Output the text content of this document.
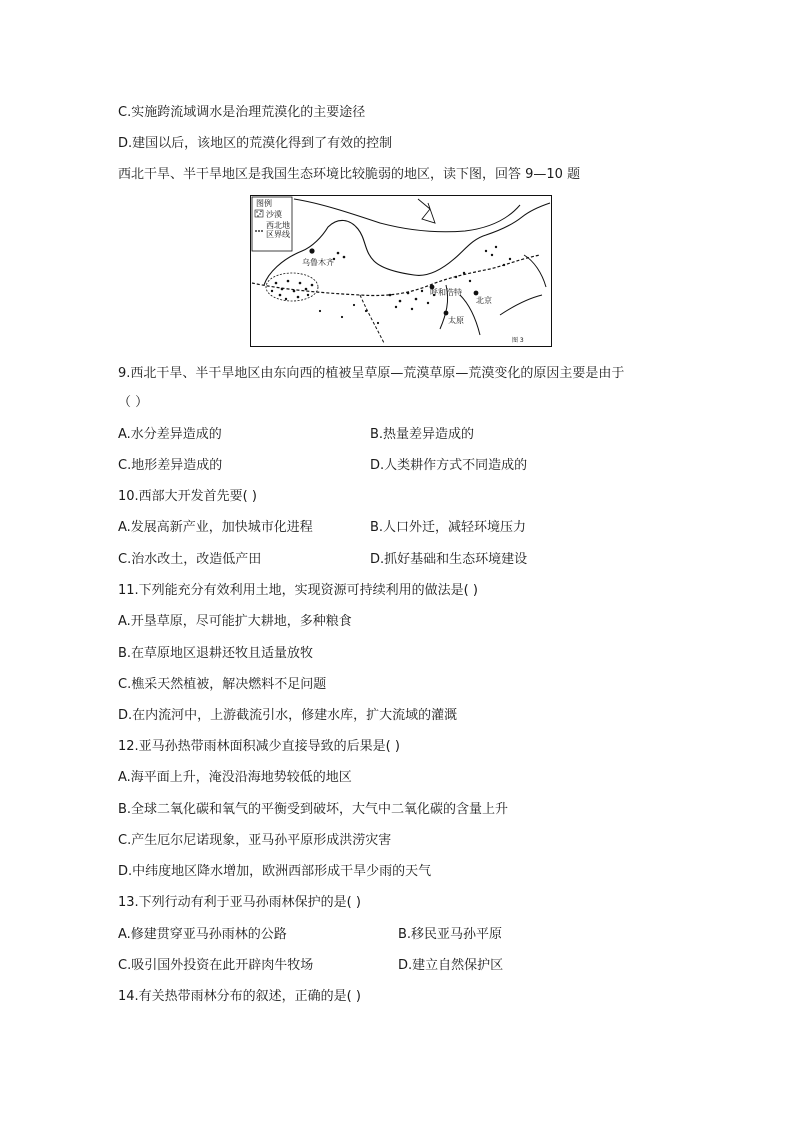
C.实施跨流域调水是治理荒漠化的主要途径
D.建国以后，该地区的荒漠化得到了有效的控制
西北干旱、半干旱地区是我国生态环境比较脆弱的地区，读下图，回答 9—10 题
图例
沙漠
西北地
区界线
乌鲁木齐
呼和浩特
北京
太原
图 3
9.西北干旱、半干旱地区由东向西的植被呈草原—荒漠草原—荒漠变化的原因主要是由于
（ ）
A.水分差异造成的	B.热量差异造成的
C.地形差异造成的	D.人类耕作方式不同造成的
10.西部大开发首先要( )
A.发展高新产业，加快城市化进程	B.人口外迁，减轻环境压力
C.治水改土，改造低产田	D.抓好基础和生态环境建设
11.下列能充分有效利用土地，实现资源可持续利用的做法是( )
A.开垦草原，尽可能扩大耕地，多种粮食
B.在草原地区退耕还牧且适量放牧
C.樵采天然植被，解决燃料不足问题
D.在内流河中，上游截流引水，修建水库，扩大流域的灌溉
12.亚马孙热带雨林面积减少直接导致的后果是( )
A.海平面上升，淹没沿海地势较低的地区
B.全球二氧化碳和氧气的平衡受到破坏，大气中二氧化碳的含量上升
C.产生厄尔尼诺现象，亚马孙平原形成洪涝灾害
D.中纬度地区降水增加，欧洲西部形成干旱少雨的天气
13.下列行动有利于亚马孙雨林保护的是( )
A.修建贯穿亚马孙雨林的公路	B.移民亚马孙平原
C.吸引国外投资在此开辟肉牛牧场	D.建立自然保护区
14.有关热带雨林分布的叙述，正确的是( )
